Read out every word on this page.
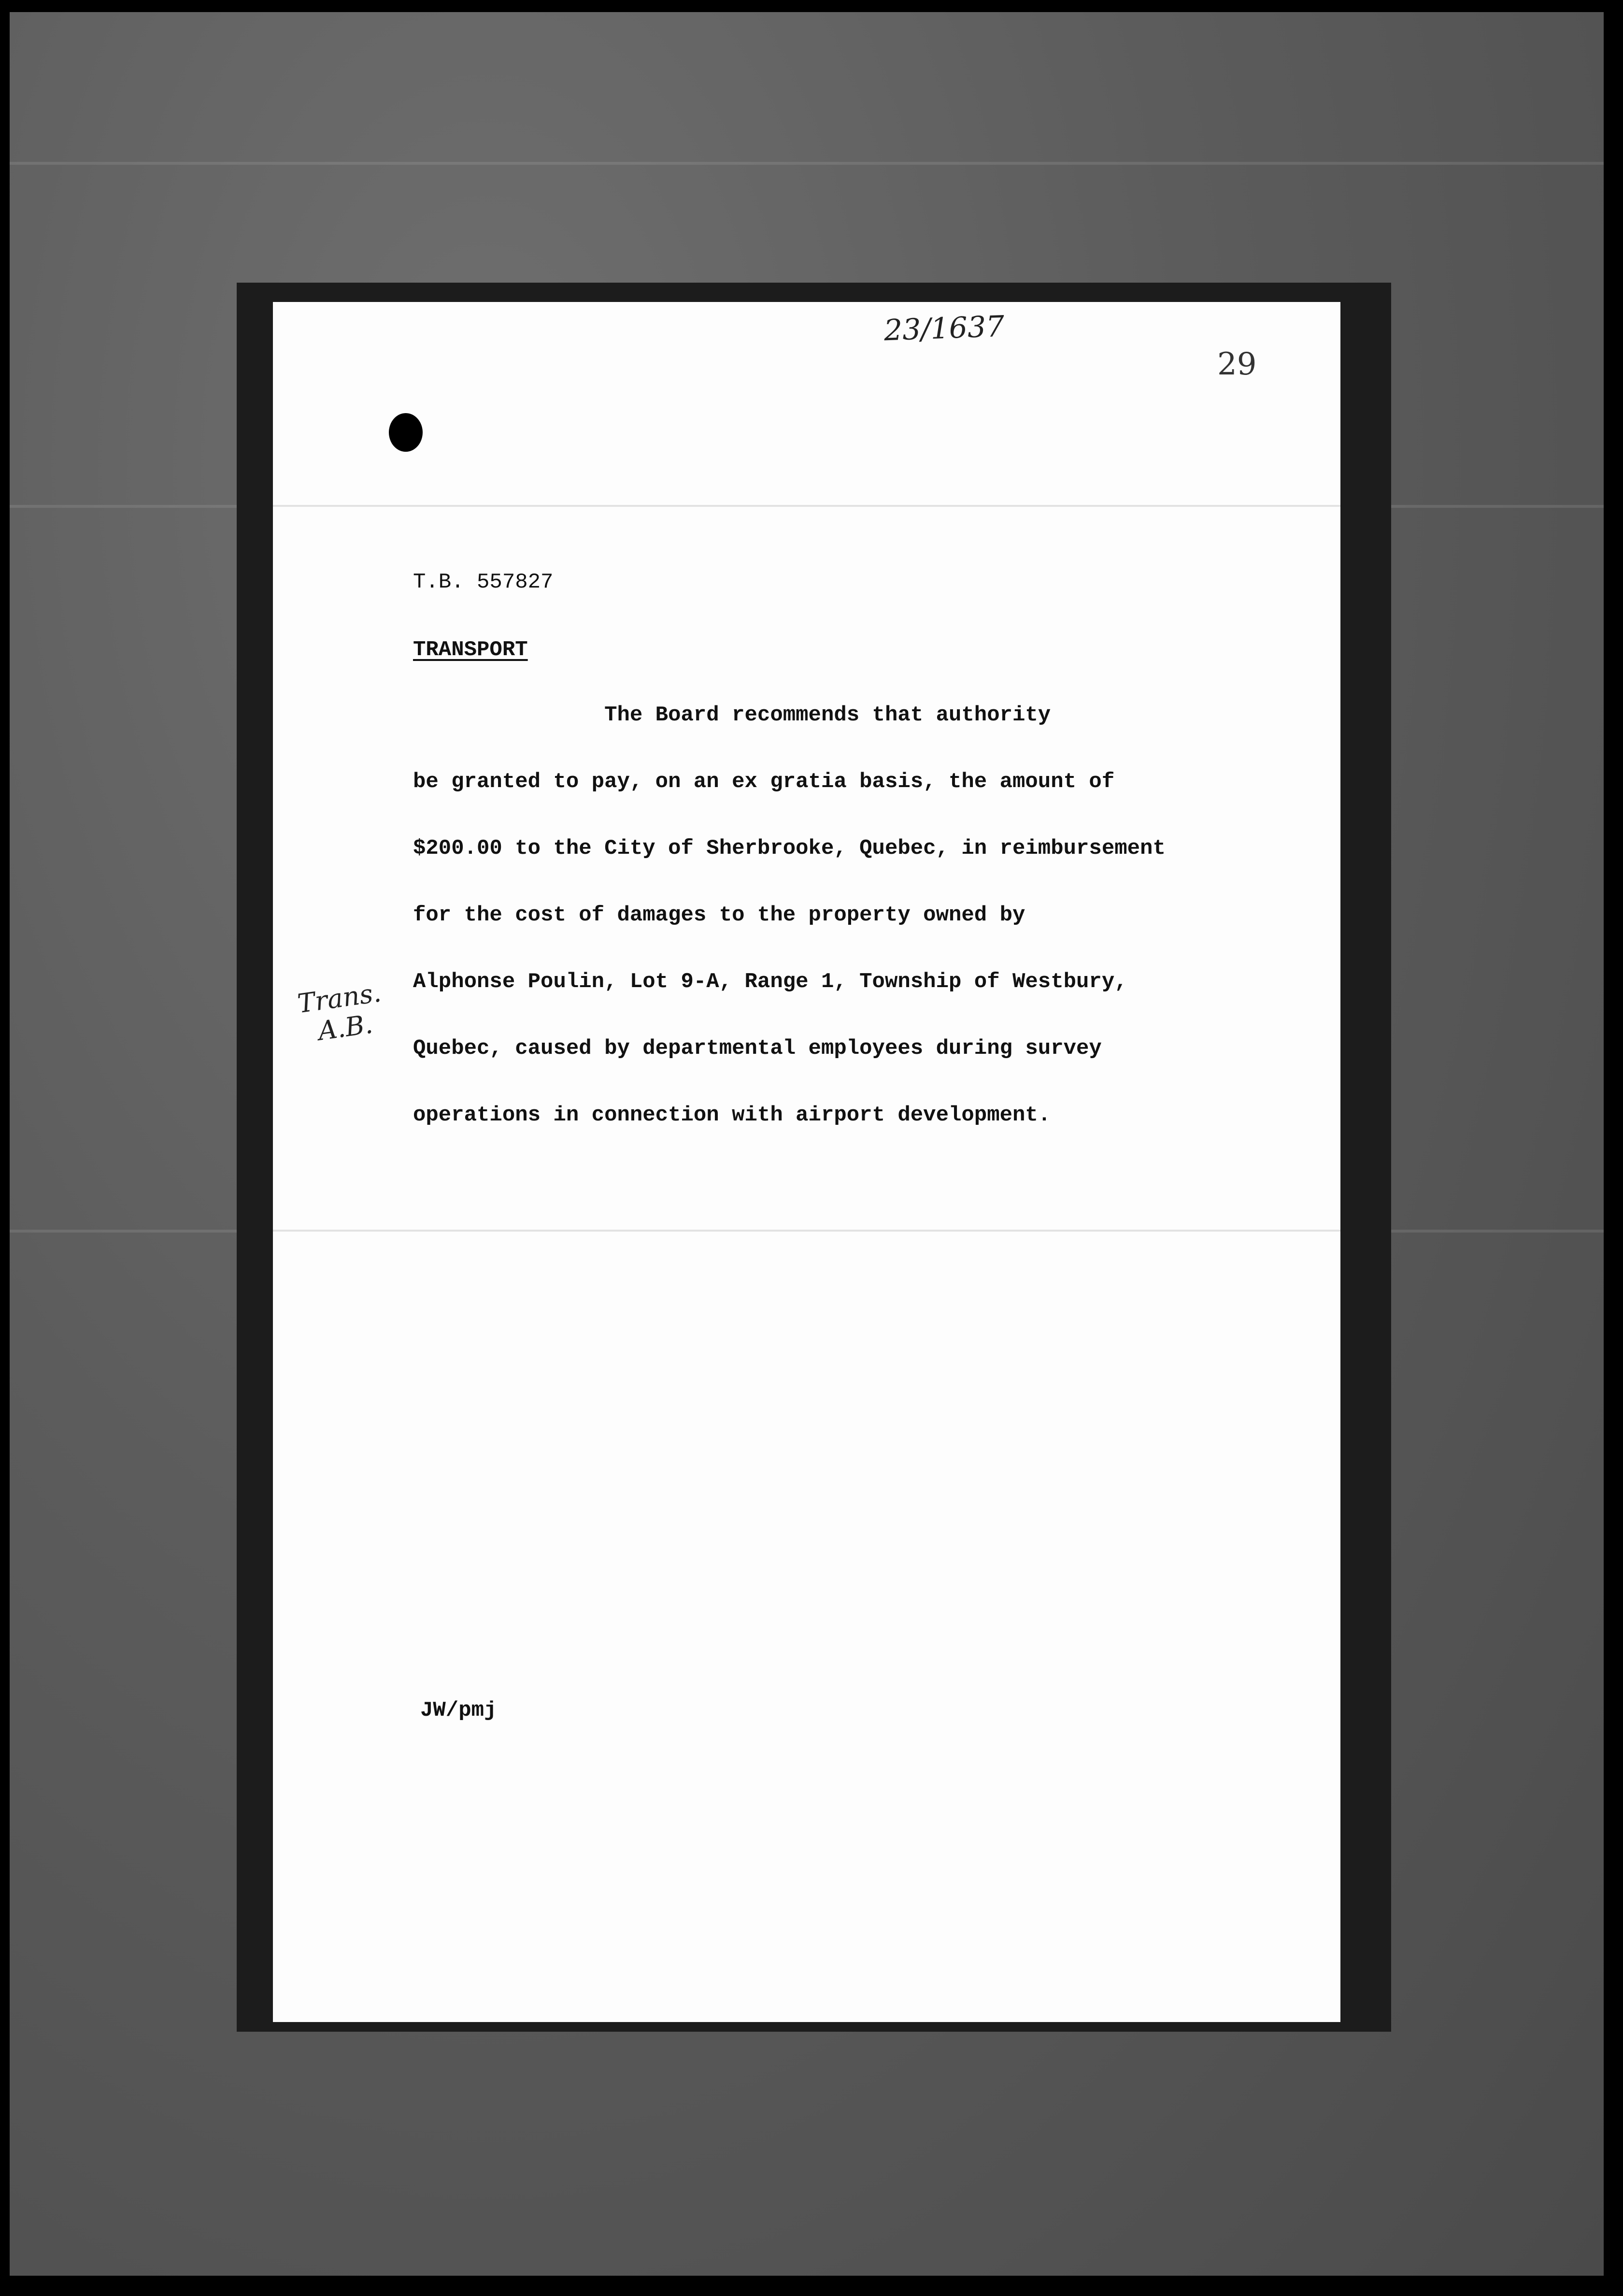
23/1637
29
T.B. 557827
TRANSPORT
The Board recommends that authority
be granted to pay, on an ex gratia basis, the amount of
$200.00 to the City of Sherbrooke, Quebec, in reimbursement
for the cost of damages to the property owned by
Alphonse Poulin, Lot 9-A, Range 1, Township of Westbury,
Quebec, caused by departmental employees during survey
operations in connection with airport development.
Trans.
A.B.
JW/pmj
